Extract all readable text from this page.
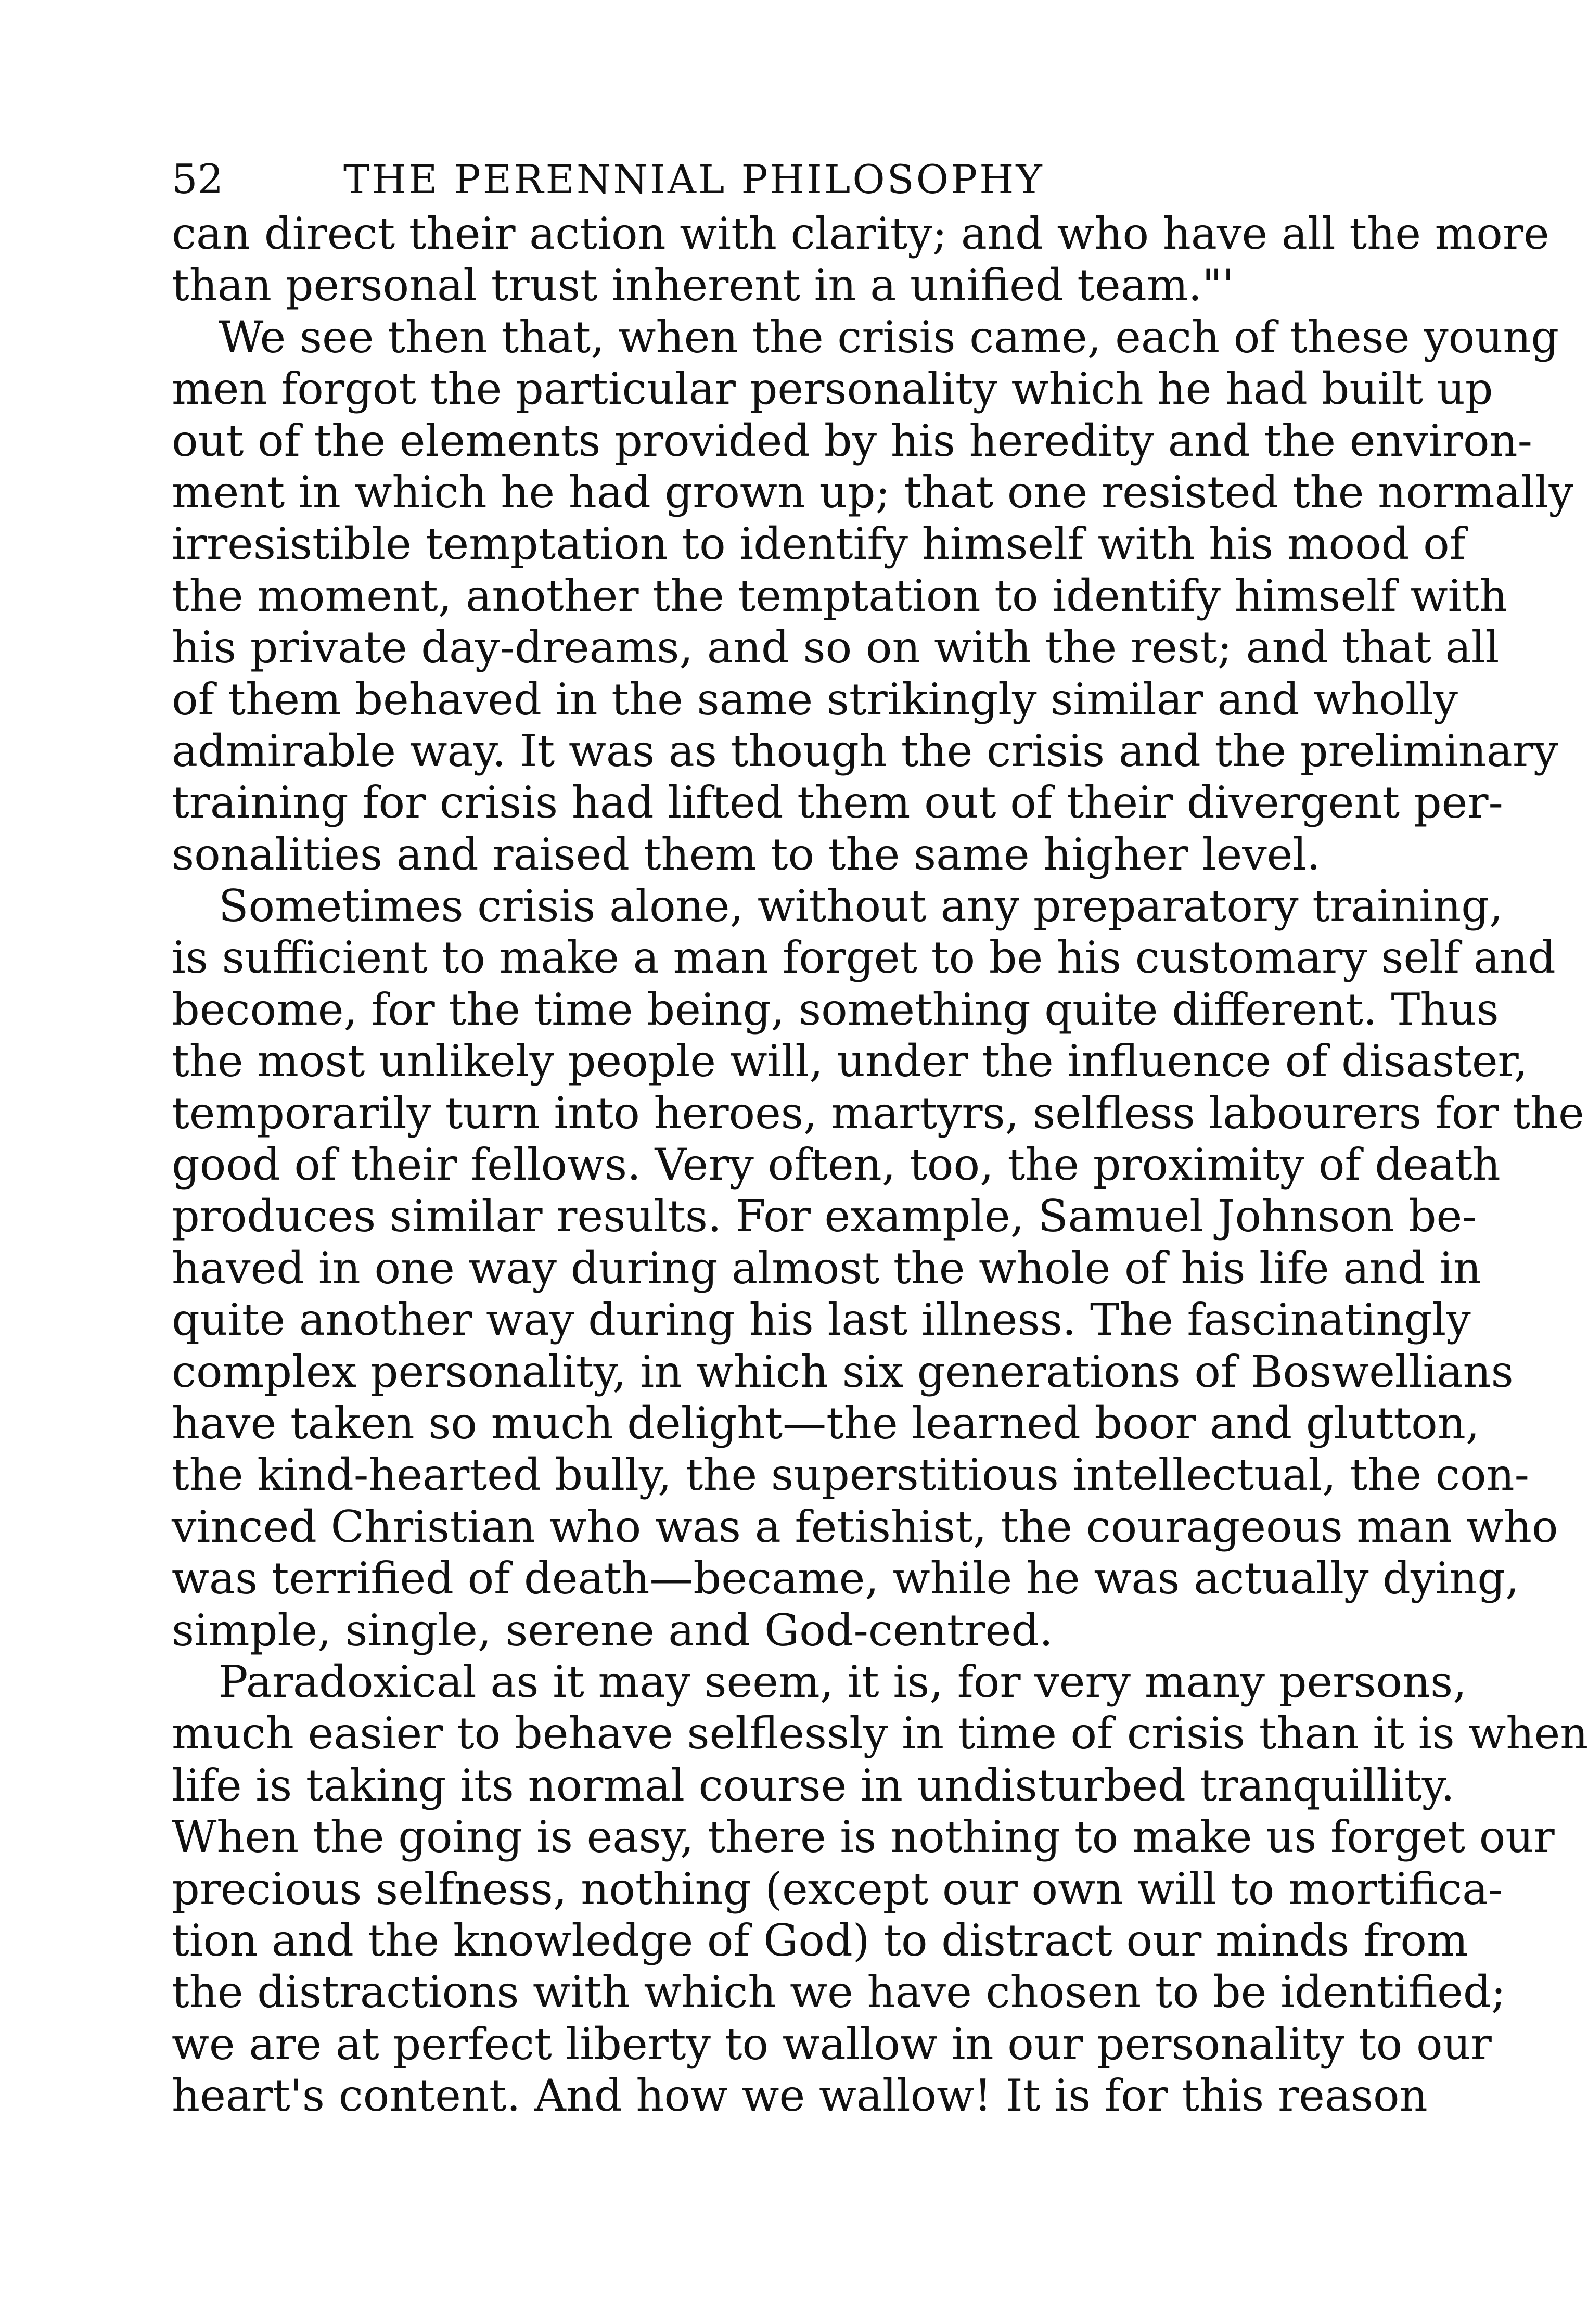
52	THE PERENNIAL PHILOSOPHY
can direct their action with clarity; and who have all the more
than personal trust inherent in a unified team."'
We see then that, when the crisis came, each of these young
men forgot the particular personality which he had built up
out of the elements provided by his heredity and the environ-
ment in which he had grown up; that one resisted the normally
irresistible temptation to identify himself with his mood of
the moment, another the temptation to identify himself with
his private day-dreams, and so on with the rest; and that all
of them behaved in the same strikingly similar and wholly
admirable way. It was as though the crisis and the preliminary
training for crisis had lifted them out of their divergent per-
sonalities and raised them to the same higher level.
Sometimes crisis alone, without any preparatory training,
is sufficient to make a man forget to be his customary self and
become, for the time being, something quite different. Thus
the most unlikely people will, under the influence of disaster,
temporarily turn into heroes, martyrs, selfless labourers for the
good of their fellows. Very often, too, the proximity of death
produces similar results. For example, Samuel Johnson be-
haved in one way during almost the whole of his life and in
quite another way during his last illness. The fascinatingly
complex personality, in which six generations of Boswellians
have taken so much delight—the learned boor and glutton,
the kind-hearted bully, the superstitious intellectual, the con-
vinced Christian who was a fetishist, the courageous man who
was terrified of death—became, while he was actually dying,
simple, single, serene and God-centred.
Paradoxical as it may seem, it is, for very many persons,
much easier to behave selflessly in time of crisis than it is when
life is taking its normal course in undisturbed tranquillity.
When the going is easy, there is nothing to make us forget our
precious selfness, nothing (except our own will to mortifica-
tion and the knowledge of God) to distract our minds from
the distractions with which we have chosen to be identified;
we are at perfect liberty to wallow in our personality to our
heart's content. And how we wallow! It is for this reason
